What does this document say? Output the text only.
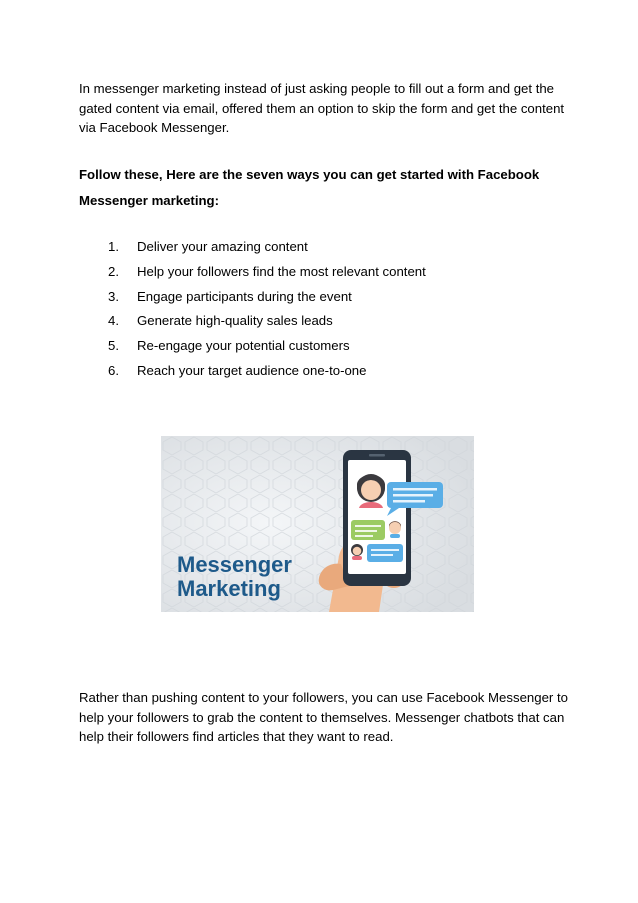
In messenger marketing instead of just asking people to fill out a form and get the gated content via email, offered them an option to skip the form and get the content via Facebook Messenger.

Follow these, Here are the seven ways you can get started with Facebook Messenger marketing:

1.	Deliver your amazing content
2.	Help your followers find the most relevant content
3.	Engage participants during the event
4.	Generate high-quality sales leads
5.	Re-engage your potential customers
6.	Reach your target audience one-to-one
Messenger
Marketing

Rather than pushing content to your followers, you can use Facebook Messenger to help your followers to grab the content to themselves. Messenger chatbots that can help their followers find articles that they want to read.
